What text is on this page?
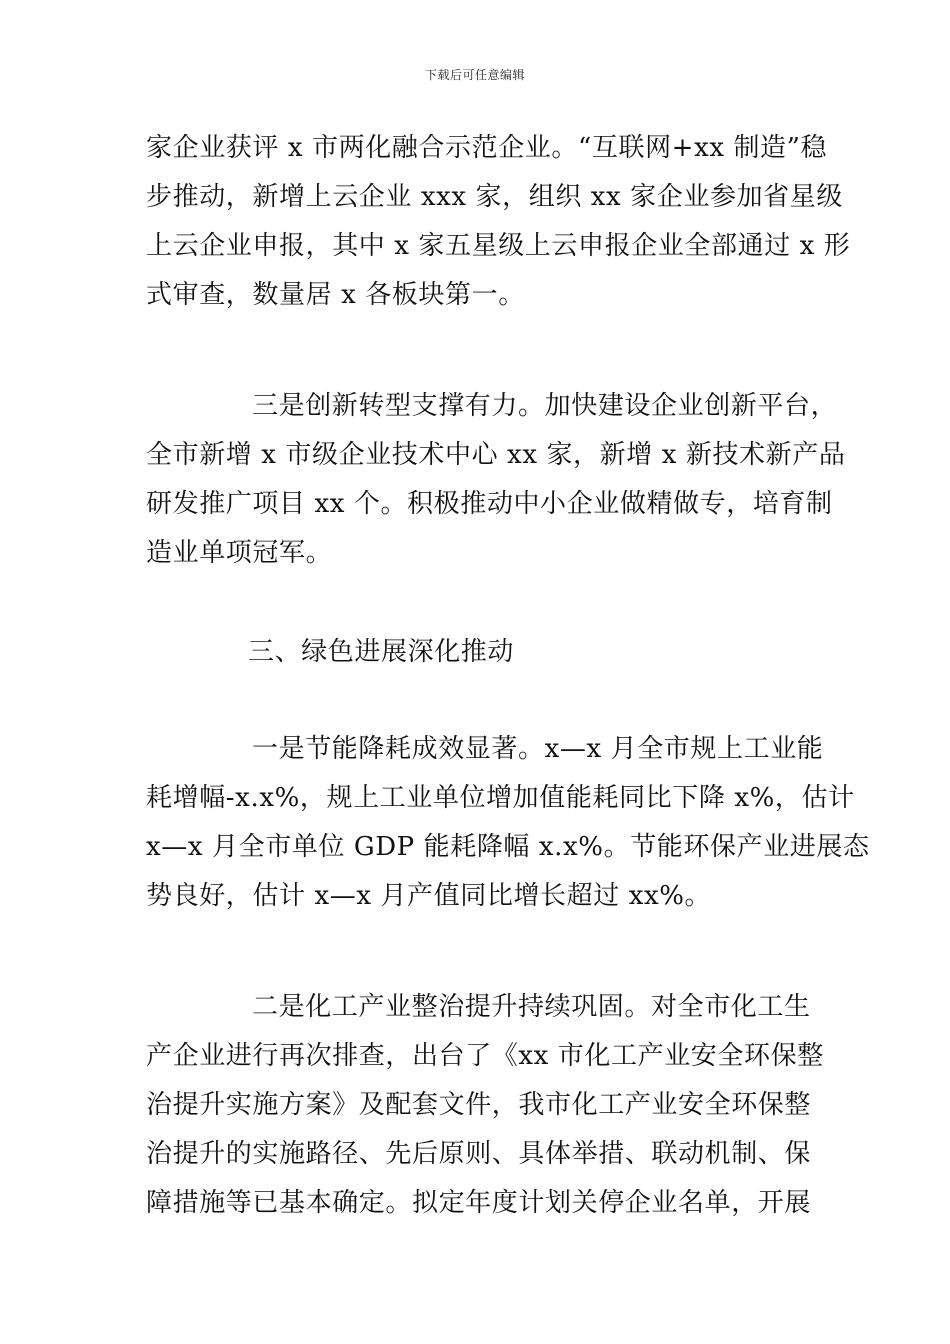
下载后可任意编辑
家企业获评 x 市两化融合示范企业。“互联网+xx 制造”稳
步推动，新增上云企业 xxx 家，组织 xx 家企业参加省星级
上云企业申报，其中 x 家五星级上云申报企业全部通过 x 形
式审查，数量居 x 各板块第一。
三是创新转型支撑有力。加快建设企业创新平台，
全市新增 x 市级企业技术中心 xx 家，新增 x 新技术新产品
研发推广项目 xx 个。积极推动中小企业做精做专，培育制
造业单项冠军。
三、绿色进展深化推动
一是节能降耗成效显著。x—x 月全市规上工业能
耗增幅-x.x%，规上工业单位增加值能耗同比下降 x%，估计
x—x 月全市单位 GDP 能耗降幅 x.x%。节能环保产业进展态
势良好，估计 x—x 月产值同比增长超过 xx%。
二是化工产业整治提升持续巩固。对全市化工生
产企业进行再次排查，出台了《xx 市化工产业安全环保整
治提升实施方案》及配套文件，我市化工产业安全环保整
治提升的实施路径、先后原则、具体举措、联动机制、保
障措施等已基本确定。拟定年度计划关停企业名单，开展
